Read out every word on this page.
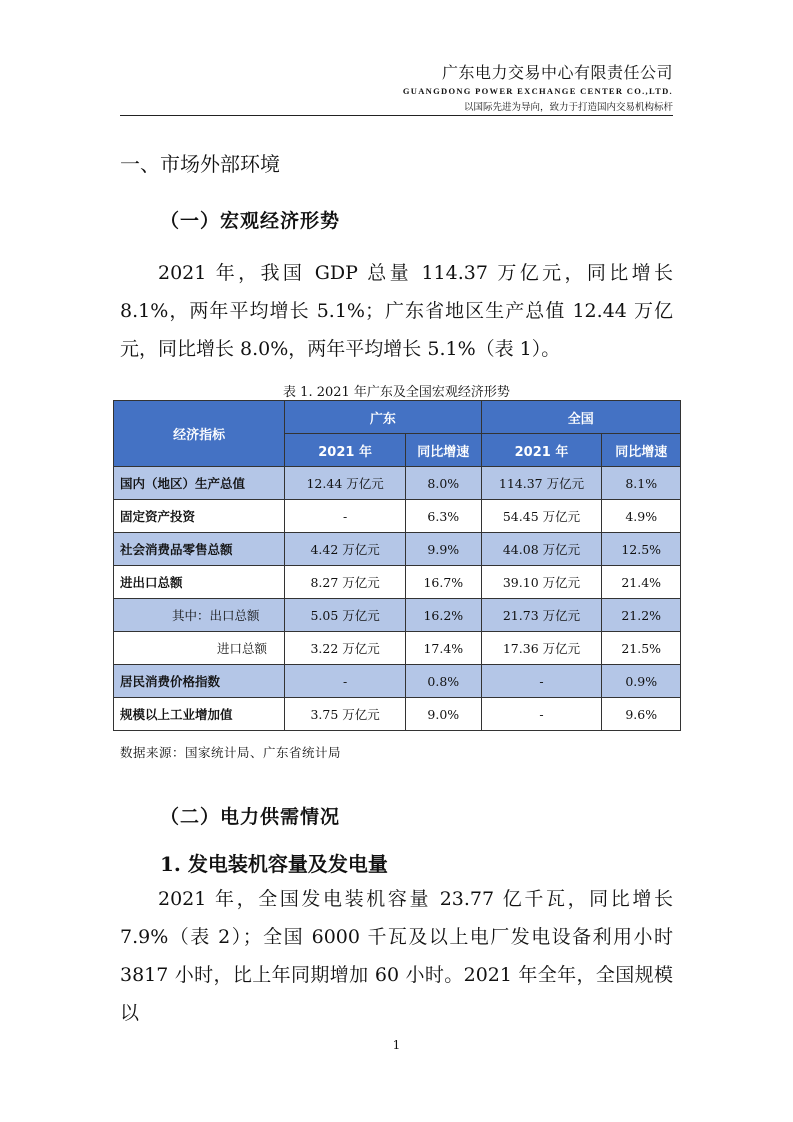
广东电力交易中心有限责任公司
GUANGDONG POWER EXCHANGE CENTER CO.,LTD.
以国际先进为导向，致力于打造国内交易机构标杆
一、市场外部环境
（一）宏观经济形势
2021 年，我国 GDP 总量 114.37 万亿元，同比增长 8.1%，两年平均增长 5.1%；广东省地区生产总值 12.44 万亿元，同比增长 8.0%，两年平均增长 5.1%（表 1）。
表 1. 2021 年广东及全国宏观经济形势
经济指标	广东		全国	
	2021 年	同比增速	2021 年	同比增速
国内（地区）生产总值	12.44 万亿元	8.0%	114.37 万亿元	8.1%
固定资产投资	-	6.3%	54.45 万亿元	4.9%
社会消费品零售总额	4.42 万亿元	9.9%	44.08 万亿元	12.5%
进出口总额	8.27 万亿元	16.7%	39.10 万亿元	21.4%
其中：出口总额	5.05 万亿元	16.2%	21.73 万亿元	21.2%
进口总额	3.22 万亿元	17.4%	17.36 万亿元	21.5%
居民消费价格指数	-	0.8%	-	0.9%
规模以上工业增加值	3.75 万亿元	9.0%	-	9.6%
数据来源：国家统计局、广东省统计局
（二）电力供需情况
1. 发电装机容量及发电量
2021 年，全国发电装机容量 23.77 亿千瓦，同比增长 7.9%（表 2）；全国 6000 千瓦及以上电厂发电设备利用小时 3817 小时，比上年同期增加 60 小时。2021 年全年，全国规模以
1
